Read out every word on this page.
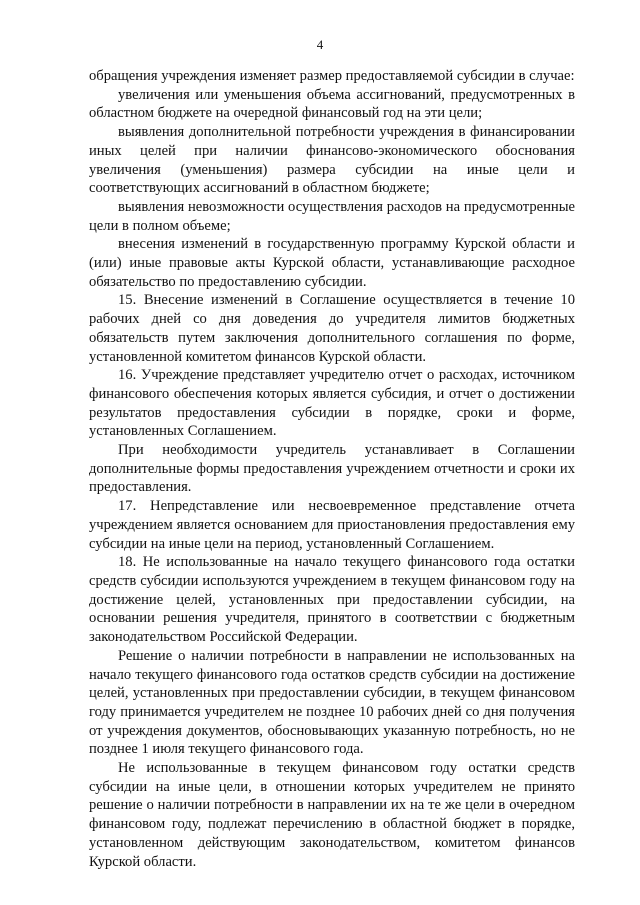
4

обращения учреждения изменяет размер предоставляемой субсидии в случае:

увеличения или уменьшения объема ассигнований, предусмотренных в областном бюджете на очередной финансовый год на эти цели;

выявления дополнительной потребности учреждения в финансировании иных целей при наличии финансово-экономического обоснования увеличения (уменьшения) размера субсидии на иные цели и соответствующих ассигнований в областном бюджете;

выявления невозможности осуществления расходов на предусмотренные цели в полном объеме;

внесения изменений в государственную программу Курской области и (или) иные правовые акты Курской области, устанавливающие расходное обязательство по предоставлению субсидии.

15. Внесение изменений в Соглашение осуществляется в течение 10 рабочих дней со дня доведения до учредителя лимитов бюджетных обязательств путем заключения дополнительного соглашения по форме, установленной комитетом финансов Курской области.

16. Учреждение представляет учредителю отчет о расходах, источником финансового обеспечения которых является субсидия, и отчет о достижении результатов предоставления субсидии в порядке, сроки и форме, установленных Соглашением.

При необходимости учредитель устанавливает в Соглашении дополнительные формы предоставления учреждением отчетности и сроки их предоставления.

17. Непредставление или несвоевременное представление отчета учреждением является основанием для приостановления предоставления ему субсидии на иные цели на период, установленный Соглашением.

18. Не использованные на начало текущего финансового года остатки средств субсидии используются учреждением в текущем финансовом году на достижение целей, установленных при предоставлении субсидии, на основании решения учредителя, принятого в соответствии с бюджетным законодательством Российской Федерации.

Решение о наличии потребности в направлении не использованных на начало текущего финансового года остатков средств субсидии на достижение целей, установленных при предоставлении субсидии, в текущем финансовом году принимается учредителем не позднее 10 рабочих дней со дня получения от учреждения документов, обосновывающих указанную потребность, но не позднее 1 июля текущего финансового года.

Не использованные в текущем финансовом году остатки средств субсидии на иные цели, в отношении которых учредителем не принято решение о наличии потребности в направлении их на те же цели в очередном финансовом году, подлежат перечислению в областной бюджет в порядке, установленном действующим законодательством, комитетом финансов Курской области.
